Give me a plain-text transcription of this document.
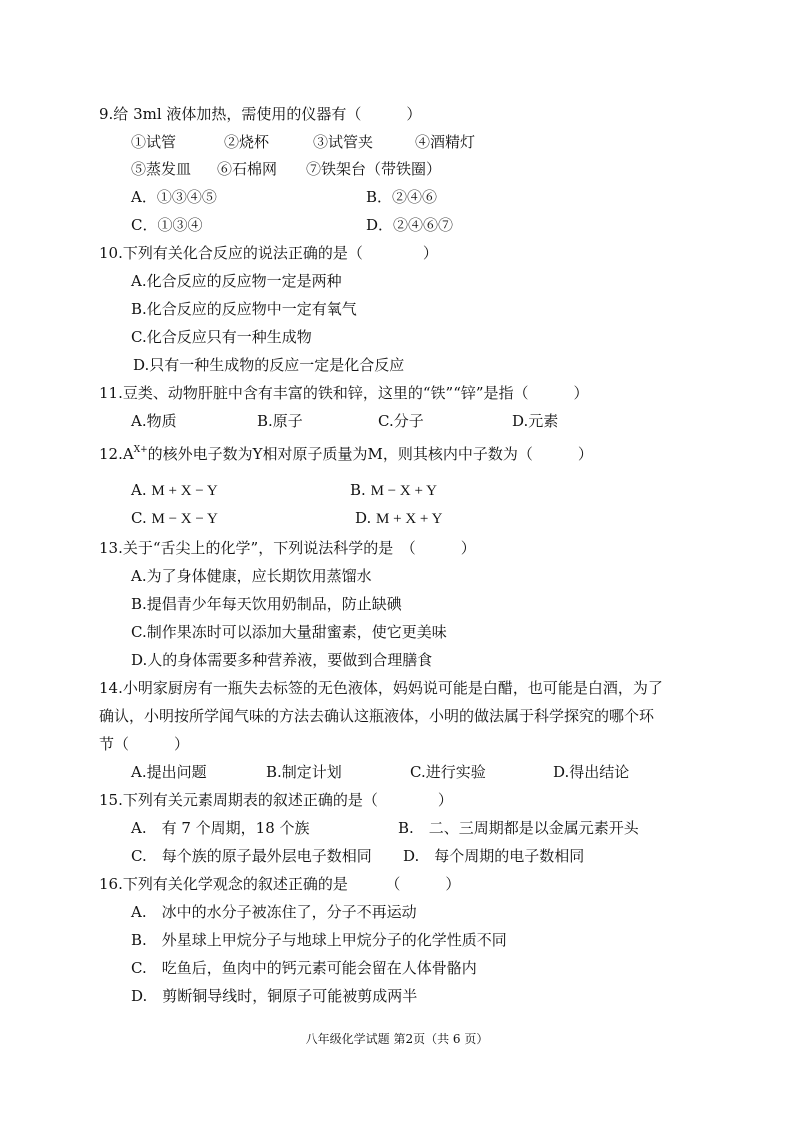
9.给 3ml 液体加热，需使用的仪器有（　　　）
①试管	②烧杯	③试管夹	④酒精灯
⑤蒸发皿 ⑥石棉网 ⑦铁架台（带铁圈）
A．①③④⑤	B．②④⑥
C．①③④	D．②④⑥⑦
10.下列有关化合反应的说法正确的是（　　　　）
A.化合反应的反应物一定是两种
B.化合反应的反应物中一定有氧气
C.化合反应只有一种生成物
D.只有一种生成物的反应一定是化合反应
11.豆类、动物肝脏中含有丰富的铁和锌，这里的“铁”“锌”是指（　　　）
A.物质	B.原子	C.分子	D.元素
$12.A^{X+}$的核外电子数为Y相对原子质量为M，则其核内中子数为（　　　）
A. M + X − Y	B. M − X + Y
C. M − X − Y	D. M + X + Y
13.关于“舌尖上的化学”，下列说法科学的是　（　　　）
A.为了身体健康，应长期饮用蒸馏水
B.提倡青少年每天饮用奶制品，防止缺碘
C.制作果冻时可以添加大量甜蜜素，使它更美味
D.人的身体需要多种营养液，要做到合理膳食
14.小明家厨房有一瓶失去标签的无色液体，妈妈说可能是白醋，也可能是白酒，为了
确认，小明按所学闻气味的方法去确认这瓶液体，小明的做法属于科学探究的哪个环
节（　　　）
A.提出问题	B.制定计划	C.进行实验	D.得出结论
15.下列有关元素周期表的叙述正确的是（　　　　）
A.　有 7 个周期，18 个族	B.　二、三周期都是以金属元素开头
C.　每个族的原子最外层电子数相同 D.　每个周期的电子数相同
16.下列有关化学观念的叙述正确的是　　　（　　　）
A.　冰中的水分子被冻住了，分子不再运动
B.　外星球上甲烷分子与地球上甲烷分子的化学性质不同
C.　吃鱼后，鱼肉中的钙元素可能会留在人体骨骼内
D.　剪断铜导线时，铜原子可能被剪成两半
八年级化学试题 第2页（共 6 页）
